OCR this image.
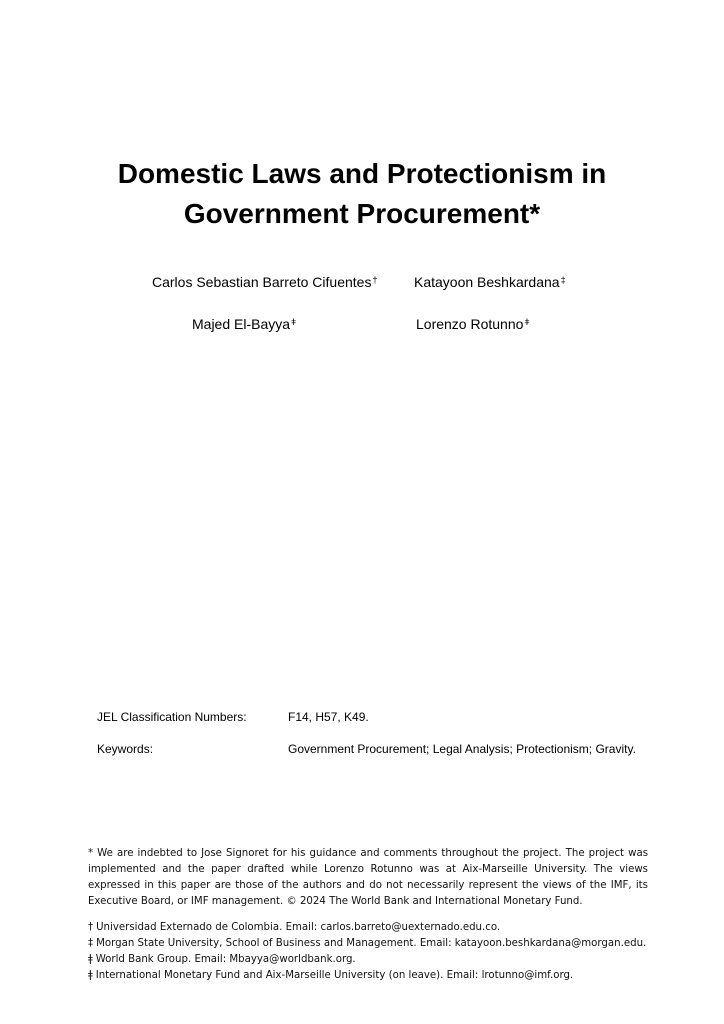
Domestic Laws and Protectionism in
Government Procurement*
Carlos Sebastian Barreto Cifuentes†	Katayoon Beshkardana‡
Majed El-Bayya$^ǂ$	Lorenzo Rotunno$^ǂ$
JEL Classification Numbers:	F14, H57, K49.
Keywords:	Government Procurement; Legal Analysis; Protectionism; Gravity.

* We are indebted to Jose Signoret for his guidance and comments throughout the project. The project was implemented and the paper drafted while Lorenzo Rotunno was at Aix-Marseille University. The views expressed in this paper are those of the authors and do not necessarily represent the views of the IMF, its Executive Board, or IMF management. © 2024 The World Bank and International Monetary Fund.

† Universidad Externado de Colombia. Email: carlos.barreto@uexternado.edu.co.

‡ Morgan State University, School of Business and Management. Email: katayoon.beshkardana@morgan.edu.

ǂ World Bank Group. Email: Mbayya@worldbank.org.

ǂ International Monetary Fund and Aix-Marseille University (on leave). Email: lrotunno@imf.org.
